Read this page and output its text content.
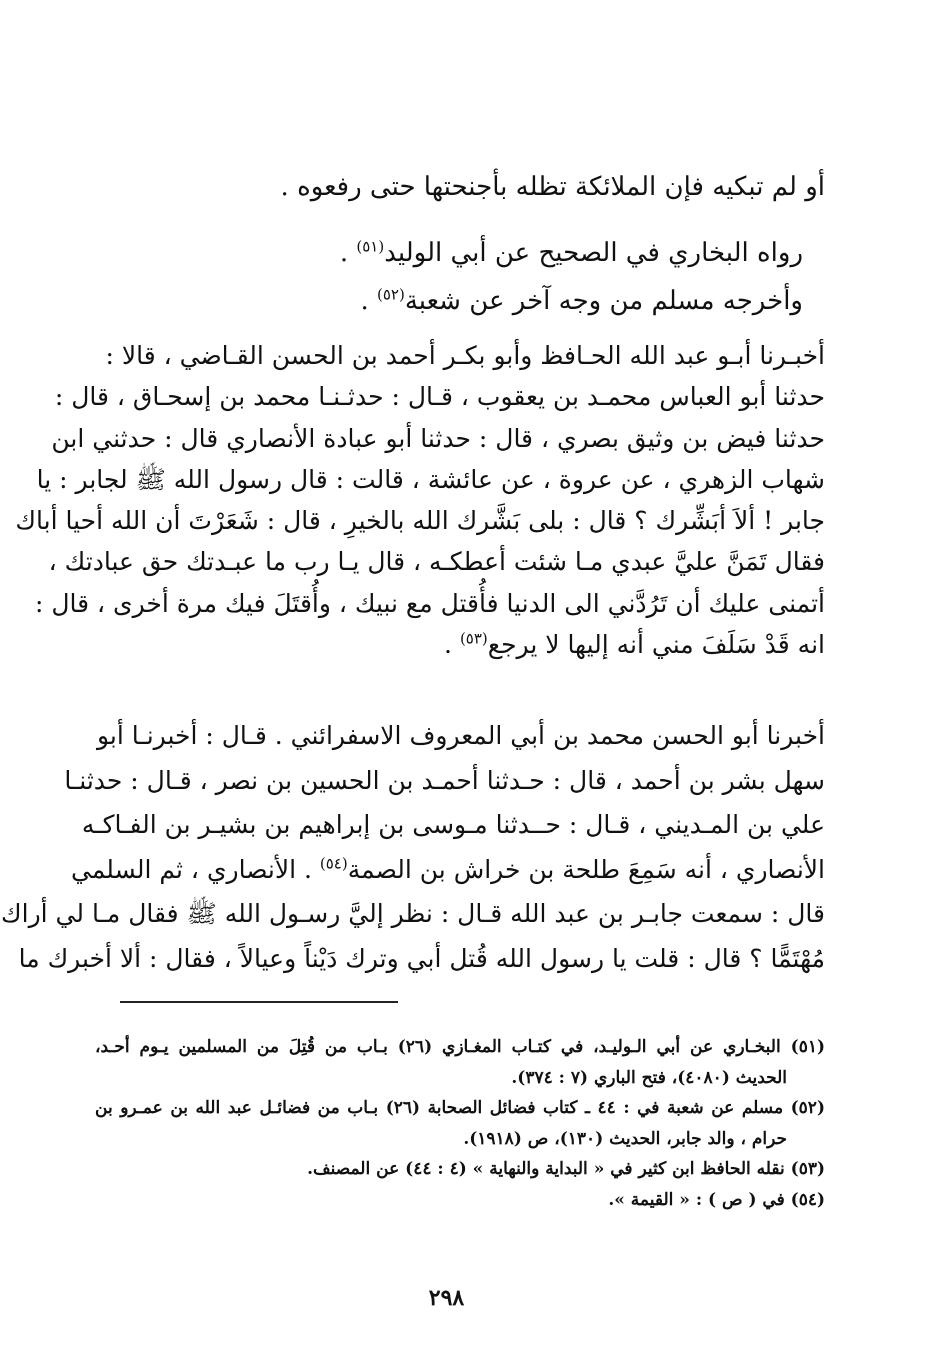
أو لم تبكيه فإن الملائكة تظله بأجنحتها حتى رفعوه .
رواه البخاري في الصحيح عن أبي الوليد$^{(٥١)}$ .
وأخرجه مسلم من وجه آخر عن شعبة$^{(٥٢)}$ .
أخبـرنا أبـو عبد الله الحـافظ وأبو بكـر أحمد بن الحسن القـاضي ، قالا :
حدثنا أبو العباس محمـد بن يعقوب ، قـال : حدثـنـا محمد بن إسحـاق ، قال :
حدثنا فيض بن وثيق بصري ، قال : حدثنا أبو عبادة الأنصاري قال : حدثني ابن
شهاب الزهري ، عن عروة ، عن عائشة ، قالت : قال رسول الله ﷺ لجابر : يا
جابر ! ألاَ أبَشِّرك ؟ قال : بلى بَشَّرك الله بالخيرِ ، قال : شَعَرْتَ أن الله أحيا أباك
فقال تَمَنَّ عليَّ عبدي مـا شئت أعطكـه ، قال يـا رب ما عبـدتك حق عبادتك ،
أتمنى عليك أن تَرُدَّني الى الدنيا فأُقتل مع نبيك ، وأُقتَلَ فيك مرة أخرى ، قال :
انه قَدْ سَلَفَ مني أنه إليها لا يرجع$^{(٥٣)}$ .
أخبرنا أبو الحسن محمد بن أبي المعروف الاسفرائني . قـال : أخبرنـا أبو
سهل بشر بن أحمد ، قال : حـدثنا أحمـد بن الحسين بن نصر ، قـال : حدثنـا
علي بن المـديني ، قـال : حــدثنا مـوسى بن إبراهيم بن بشيـر بن الفـاكـه
الأنصاري ، أنه سَمِعَ طلحة بن خراش بن الصمة$^{(٥٤)}$ . الأنصاري ، ثم السلمي
قال : سمعت جابـر بن عبد الله قـال : نظر إليَّ رسـول الله ﷺ فقال مـا لي أراك
مُهْتَمًّا ؟ قال : قلت يا رسول الله قُتل أبي وترك دَيْناً وعيالاً ، فقال : ألا أخبرك ما
(٥١) البخـاري عن أبي الـوليـد، في كتـاب المغـازي (٢٦) بـاب من قُتِلَ من المسلمين يـوم أحـد،
الحديث (٤٠٨٠)، فتح الباري (٧ : ٣٧٤).
(٥٢) مسلم عن شعبة في : ٤٤ ـ كتاب فضائل الصحابة (٢٦) بـاب من فضائـل عبد الله بن عمـرو بن
حرام ، والد جابر، الحديث (١٣٠)، ص (١٩١٨).
(٥٣) نقله الحافظ ابن كثير في « البداية والنهاية » (٤ : ٤٤) عن المصنف.
(٥٤) في ( ص ) : « القيمة ».
٢٩٨
